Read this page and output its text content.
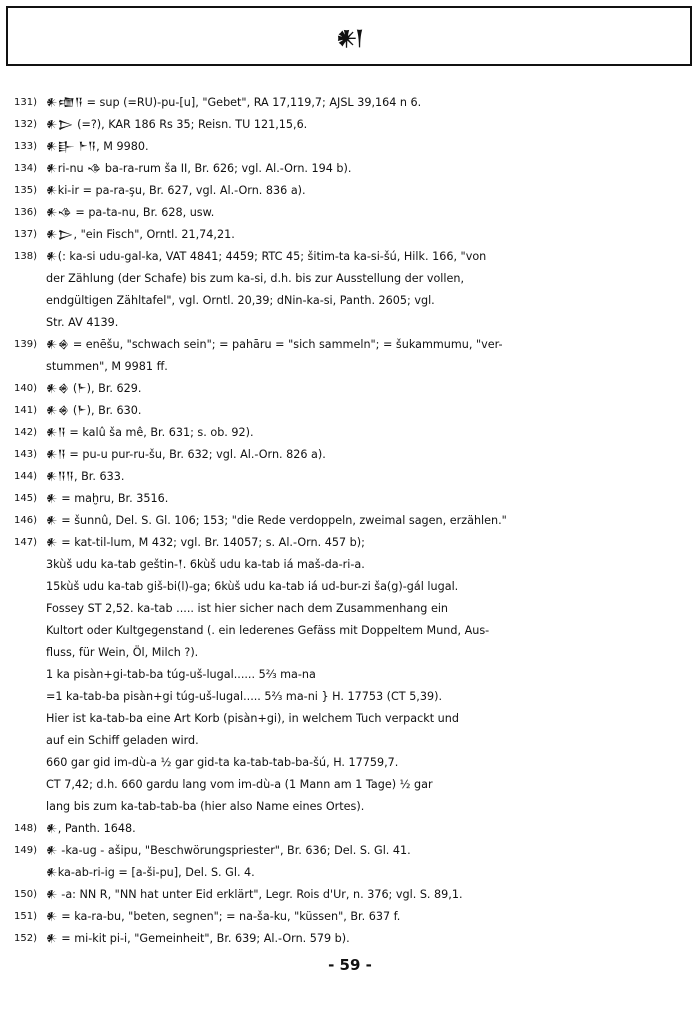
𒀭𒁹
131) 𒀭𒈩𒀀 = sup (=RU)-pu-[u], "Gebet", RA 17,119,7; AJSL 39,164 n 6.
132) 𒀭𒆕 (=?), KAR 186 Rs 35; Reisn. TU 121,15,6.
133) 𒀭𒃲 𒈨𒀀, M 9980.
134) 𒀭ri-nu 𒈾 ba-ra-rum ša II, Br. 626; vgl. Al.-Orn. 194 b).
135) 𒀭ki-ir = pa-ra-şu, Br. 627, vgl. Al.-Orn. 836 a).
136) 𒀭𒈾 = pa-ta-nu, Br. 628, usw.
137) 𒀭𒆕, "ein Fisch", Orntl. 21,74,21.
138) 𒀭(: ka-si udu-gal-ka, VAT 4841; 4459; RTC 45; šitim-ta ka-si-šú, Hilk. 166, "von
der Zählung (der Schafe) bis zum ka-si, d.h. bis zur Ausstellung der vollen,
endgültigen Zähltafel", vgl. Orntl. 20,39; dNin-ka-si, Panth. 2605; vgl.
Str. AV 4139.
139) 𒀭𒄯 = enēšu, "schwach sein"; = pahāru = "sich sammeln"; = šukammumu, "ver-
stummen", M 9981 ff.
140) 𒀭𒄯 (𒈨), Br. 629.
141) 𒀭𒄯 (𒈨), Br. 630.
142) 𒀭𒀀 = kalû ša mê, Br. 631; s. ob. 92).
143) 𒀭𒀀 = pu-u pur-ru-šu, Br. 632; vgl. Al.-Orn. 826 a).
144) 𒀭𒀀𒀀, Br. 633.
145) 𒀭 = maḫru, Br. 3516.
146) 𒀭 = šunnû, Del. S. Gl. 106; 153; "die Rede verdoppeln, zweimal sagen, erzählen."
147) 𒀭 = kat-til-lum, M 432; vgl. Br. 14057; s. Al.-Orn. 457 b);
3kùš udu ka-tab geštin-𒁹. 6kùš udu ka-tab iá maš-da-ri-a.
15kùš udu ka-tab giš-bi(l)-ga; 6kùš udu ka-tab iá ud-bur-zi ša(g)-gál lugal.
Fossey ST 2,52. ka-tab ..... ist hier sicher nach dem Zusammenhang ein
Kultort oder Kultgegenstand (. ein lederenes Gefäss mit Doppeltem Mund, Aus-
fluss, für Wein, Öl, Milch ?).
1 ka pisàn+gi-tab-ba túg-uš-lugal...... 5⅔ ma-na
=1 ka-tab-ba pisàn+gi túg-uš-lugal..... 5⅔ ma-ni } H. 17753 (CT 5,39).
Hier ist ka-tab-ba eine Art Korb (pisàn+gi), in welchem Tuch verpackt und
auf ein Schiff geladen wird.
660 gar gid im-dù-a ½ gar gid-ta ka-tab-tab-ba-šú, H. 17759,7.
CT 7,42; d.h. 660 gardu lang vom im-dù-a (1 Mann am 1 Tage) ½ gar
lang bis zum ka-tab-tab-ba (hier also Name eines Ortes).
148) 𒀭, Panth. 1648.
149) 𒀭 -ka-ug - ašipu, "Beschwörungspriester", Br. 636; Del. S. Gl. 41.
𒀭ka-ab-ri-ig = [a-ši-pu], Del. S. Gl. 4.
150) 𒀭 -a: NN R, "NN hat unter Eid erklärt", Legr. Rois d'Ur, n. 376; vgl. S. 89,1.
151) 𒀭 = ka-ra-bu, "beten, segnen"; = na-ša-ku, "küssen", Br. 637 f.
152) 𒀭 = mi-kit pi-i, "Gemeinheit", Br. 639; Al.-Orn. 579 b).
- 59 -
